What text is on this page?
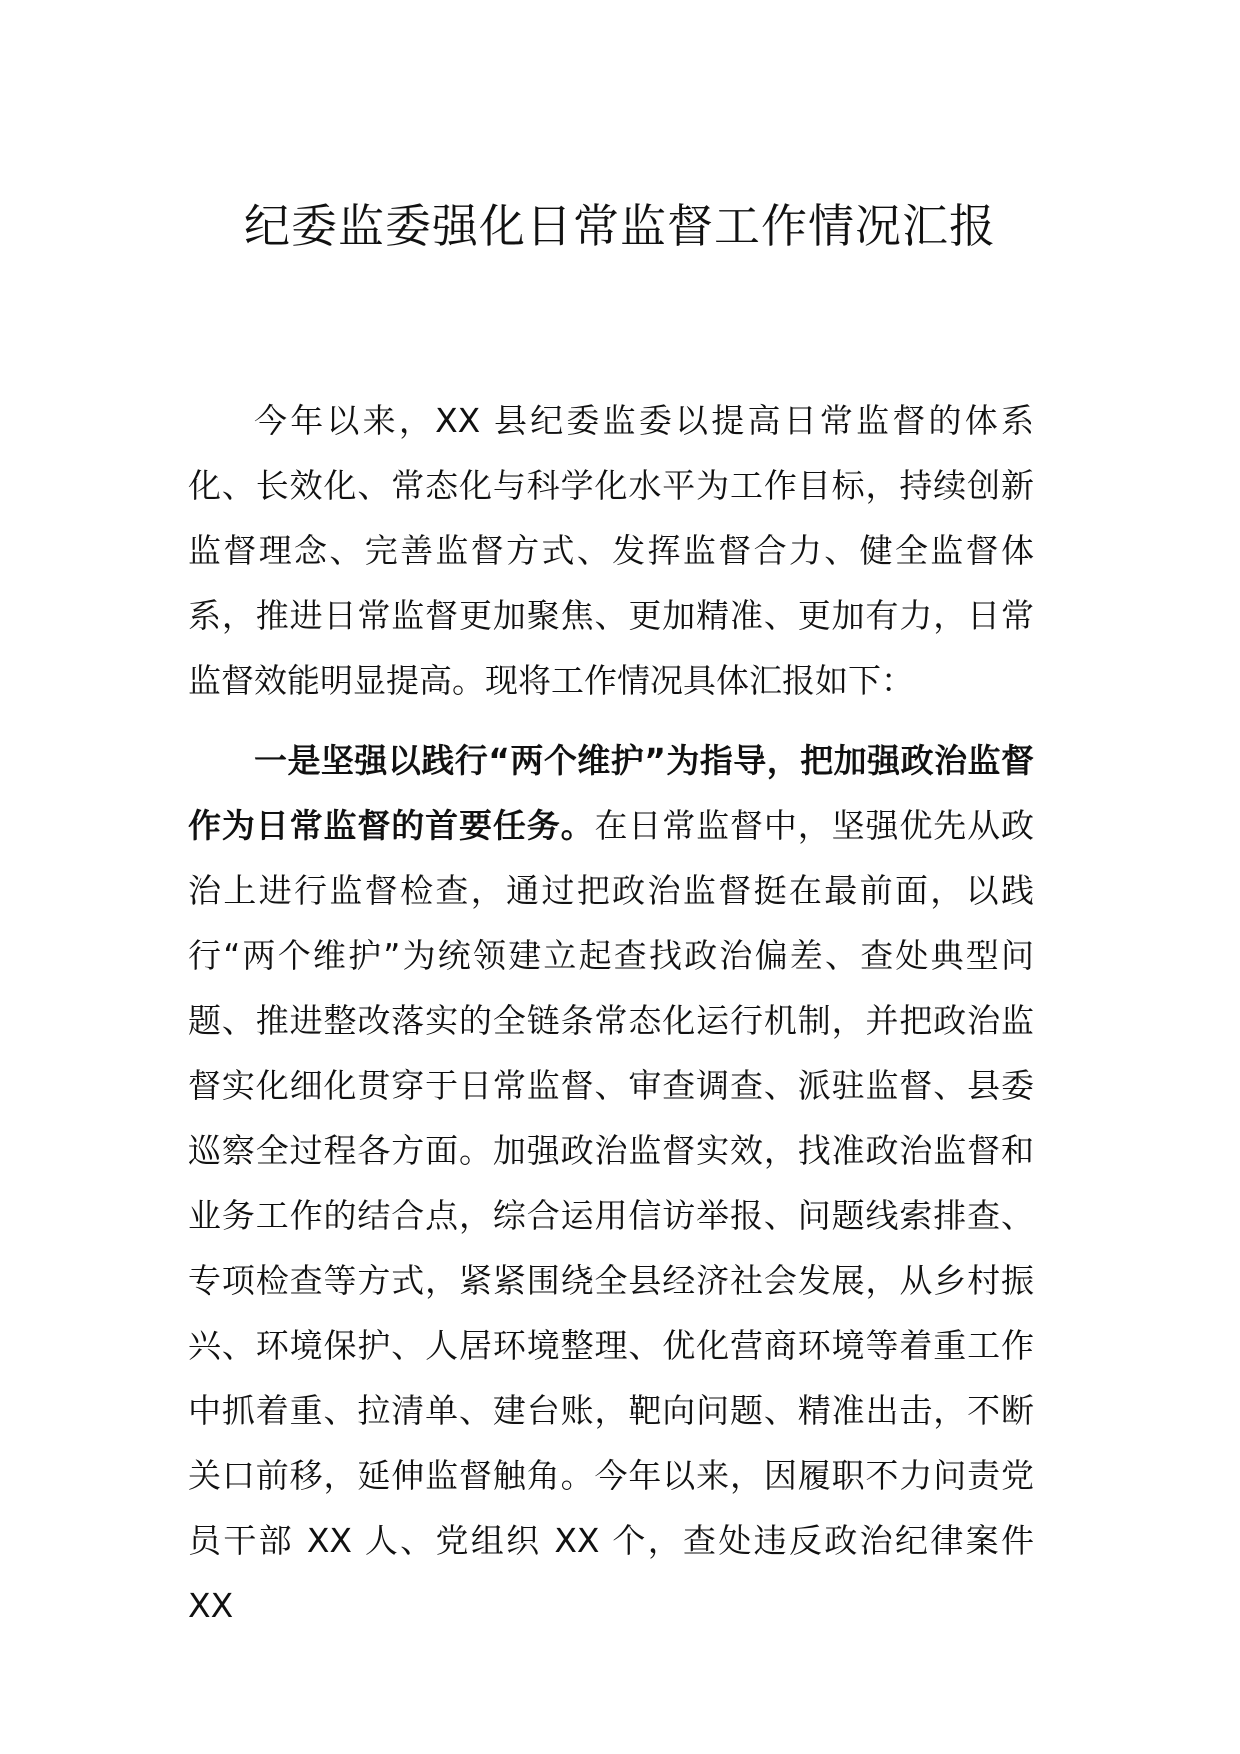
纪委监委强化日常监督工作情况汇报

今年以来，XX 县纪委监委以提高日常监督的体系化、长效化、常态化与科学化水平为工作目标，持续创新监督理念、完善监督方式、发挥监督合力、健全监督体系，推进日常监督更加聚焦、更加精准、更加有力，日常监督效能明显提高。现将工作情况具体汇报如下：

一是坚强以践行“两个维护”为指导，把加强政治监督作为日常监督的首要任务。在日常监督中，坚强优先从政治上进行监督检查，通过把政治监督挺在最前面，以践行“两个维护”为统领建立起查找政治偏差、查处典型问题、推进整改落实的全链条常态化运行机制，并把政治监督实化细化贯穿于日常监督、审查调查、派驻监督、县委巡察全过程各方面。加强政治监督实效，找准政治监督和业务工作的结合点，综合运用信访举报、问题线索排查、专项检查等方式，紧紧围绕全县经济社会发展，从乡村振兴、环境保护、人居环境整理、优化营商环境等着重工作中抓着重、拉清单、建台账，靶向问题、精准出击，不断关口前移，延伸监督触角。今年以来，因履职不力问责党员干部 XX 人、党组织 XX 个，查处违反政治纪律案件 XX
